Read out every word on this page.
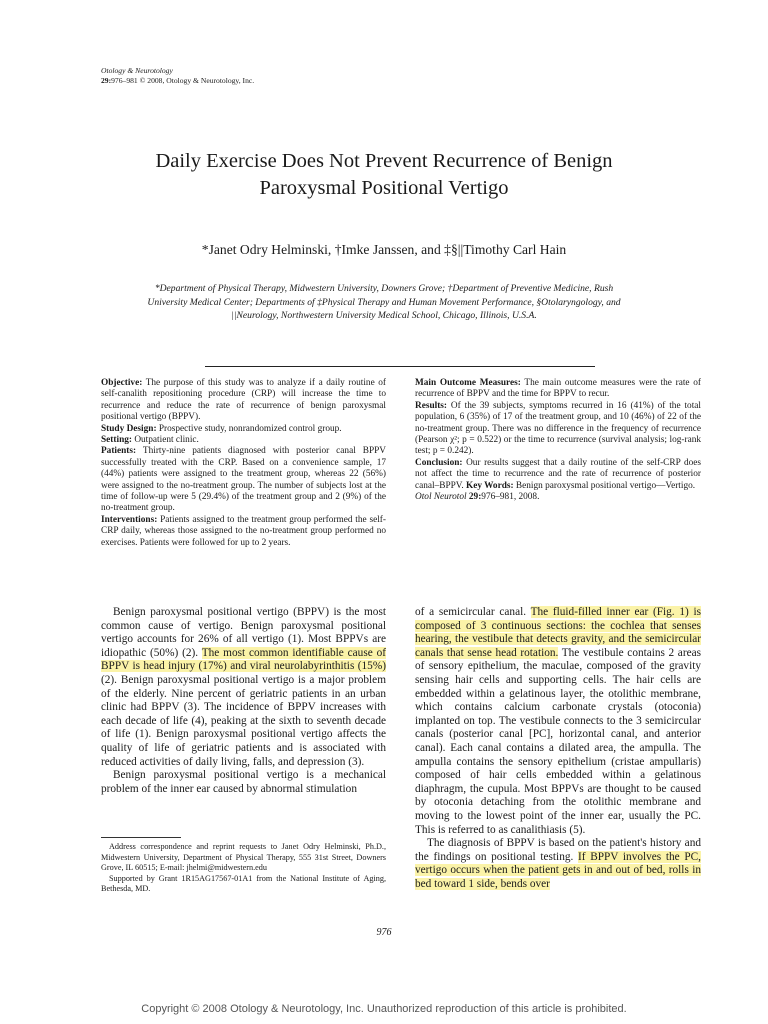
Otology & Neurotology
29:976–981 © 2008, Otology & Neurotology, Inc.
Daily Exercise Does Not Prevent Recurrence of Benign
Paroxysmal Positional Vertigo
*Janet Odry Helminski, †Imke Janssen, and ‡§||Timothy Carl Hain
*Department of Physical Therapy, Midwestern University, Downers Grove; †Department of Preventive Medicine, Rush University Medical Center; Departments of ‡Physical Therapy and Human Movement Performance, §Otolaryngology, and ||Neurology, Northwestern University Medical School, Chicago, Illinois, U.S.A.

Objective: The purpose of this study was to analyze if a daily routine of self-canalith repositioning procedure (CRP) will increase the time to recurrence and reduce the rate of recurrence of benign paroxysmal positional vertigo (BPPV).

Study Design: Prospective study, nonrandomized control group.

Setting: Outpatient clinic.

Patients: Thirty-nine patients diagnosed with posterior canal BPPV successfully treated with the CRP. Based on a convenience sample, 17 (44%) patients were assigned to the treatment group, whereas 22 (56%) were assigned to the no-treatment group. The number of subjects lost at the time of follow-up were 5 (29.4%) of the treatment group and 2 (9%) of the no-treatment group.

Interventions: Patients assigned to the treatment group performed the self-CRP daily, whereas those assigned to the no-treatment group performed no exercises. Patients were followed for up to 2 years.

Main Outcome Measures: The main outcome measures were the rate of recurrence of BPPV and the time for BPPV to recur.

Results: Of the 39 subjects, symptoms recurred in 16 (41%) of the total population, 6 (35%) of 17 of the treatment group, and 10 (46%) of 22 of the no-treatment group. There was no difference in the frequency of recurrence (Pearson χ²; p = 0.522) or the time to recurrence (survival analysis; log-rank test; p = 0.242).

Conclusion: Our results suggest that a daily routine of the self-CRP does not affect the time to recurrence and the rate of recurrence of posterior canal–BPPV. Key Words: Benign paroxysmal positional vertigo—Vertigo.

Otol Neurotol 29:976–981, 2008.

Benign paroxysmal positional vertigo (BPPV) is the most common cause of vertigo. Benign paroxysmal positional vertigo accounts for 26% of all vertigo (1). Most BPPVs are idiopathic (50%) (2). The most common identifiable cause of BPPV is head injury (17%) and viral neurolabyrinthitis (15%) (2). Benign paroxysmal positional vertigo is a major problem of the elderly. Nine percent of geriatric patients in an urban clinic had BPPV (3). The incidence of BPPV increases with each decade of life (4), peaking at the sixth to seventh decade of life (1). Benign paroxysmal positional vertigo affects the quality of life of geriatric patients and is associated with reduced activities of daily living, falls, and depression (3).

Benign paroxysmal positional vertigo is a mechanical problem of the inner ear caused by abnormal stimulation

Address correspondence and reprint requests to Janet Odry Helminski, Ph.D., Midwestern University, Department of Physical Therapy, 555 31st Street, Downers Grove, IL 60515; E-mail: jhelmi@midwestern.edu

Supported by Grant 1R15AG17567-01A1 from the National Institute of Aging, Bethesda, MD.

of a semicircular canal. The fluid-filled inner ear (Fig. 1) is composed of 3 continuous sections: the cochlea that senses hearing, the vestibule that detects gravity, and the semicircular canals that sense head rotation. The vestibule contains 2 areas of sensory epithelium, the maculae, composed of the gravity sensing hair cells and supporting cells. The hair cells are embedded within a gelatinous layer, the otolithic membrane, which contains calcium carbonate crystals (otoconia) implanted on top. The vestibule connects to the 3 semicircular canals (posterior canal [PC], horizontal canal, and anterior canal). Each canal contains a dilated area, the ampulla. The ampulla contains the sensory epithelium (cristae ampullaris) composed of hair cells embedded within a gelatinous diaphragm, the cupula. Most BPPVs are thought to be caused by otoconia detaching from the otolithic membrane and moving to the lowest point of the inner ear, usually the PC. This is referred to as canalithiasis (5).

The diagnosis of BPPV is based on the patient's history and the findings on positional testing. If BPPV involves the PC, vertigo occurs when the patient gets in and out of bed, rolls in bed toward 1 side, bends over

976
Copyright © 2008 Otology & Neurotology, Inc. Unauthorized reproduction of this article is prohibited.
